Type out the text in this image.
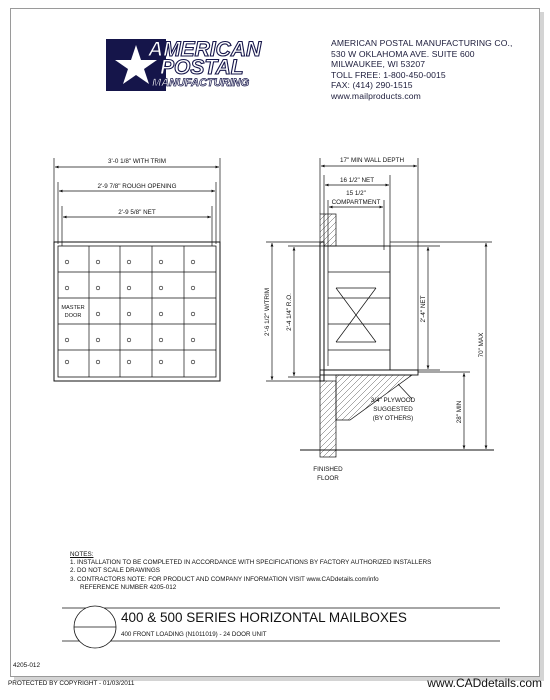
AMERICAN
POSTAL
MANUFACTURING
AMERICAN POSTAL MANUFACTURING CO.,
530 W OKLAHOMA AVE. SUITE 600
MILWAUKEE, WI 53207
TOLL FREE: 1-800-450-0015
FAX: (414) 290-1515
www.mailproducts.com
3'-0 1/8" WITH TRIM
2'-9 7/8" ROUGH OPENING
2'-9 5/8" NET
MASTER
DOOR
17" MIN WALL DEPTH
16 1/2" NET
15 1/2"
COMPARTMENT
2'-6 1/2" W/TRIM 2'-4 1/4" R.O.	2'-4" NET
70" MAX
28" MIN
3/4" PLYWOOD
SUGGESTED
(BY OTHERS)
FINISHED
FLOOR
NOTES:
1. INSTALLATION TO BE COMPLETED IN ACCORDANCE WITH SPECIFICATIONS BY FACTORY AUTHORIZED INSTALLERS
2. DO NOT SCALE DRAWINGS
3. CONTRACTORS NOTE: FOR PRODUCT AND COMPANY INFORMATION VISIT www.CADdetails.com/info
REFERENCE NUMBER 4205-012
400 & 500 SERIES HORIZONTAL MAILBOXES
400 FRONT LOADING (N1011019) - 24 DOOR UNIT
4205-012
PROTECTED BY COPYRIGHT - 01/03/2011	www.CADdetails.com
